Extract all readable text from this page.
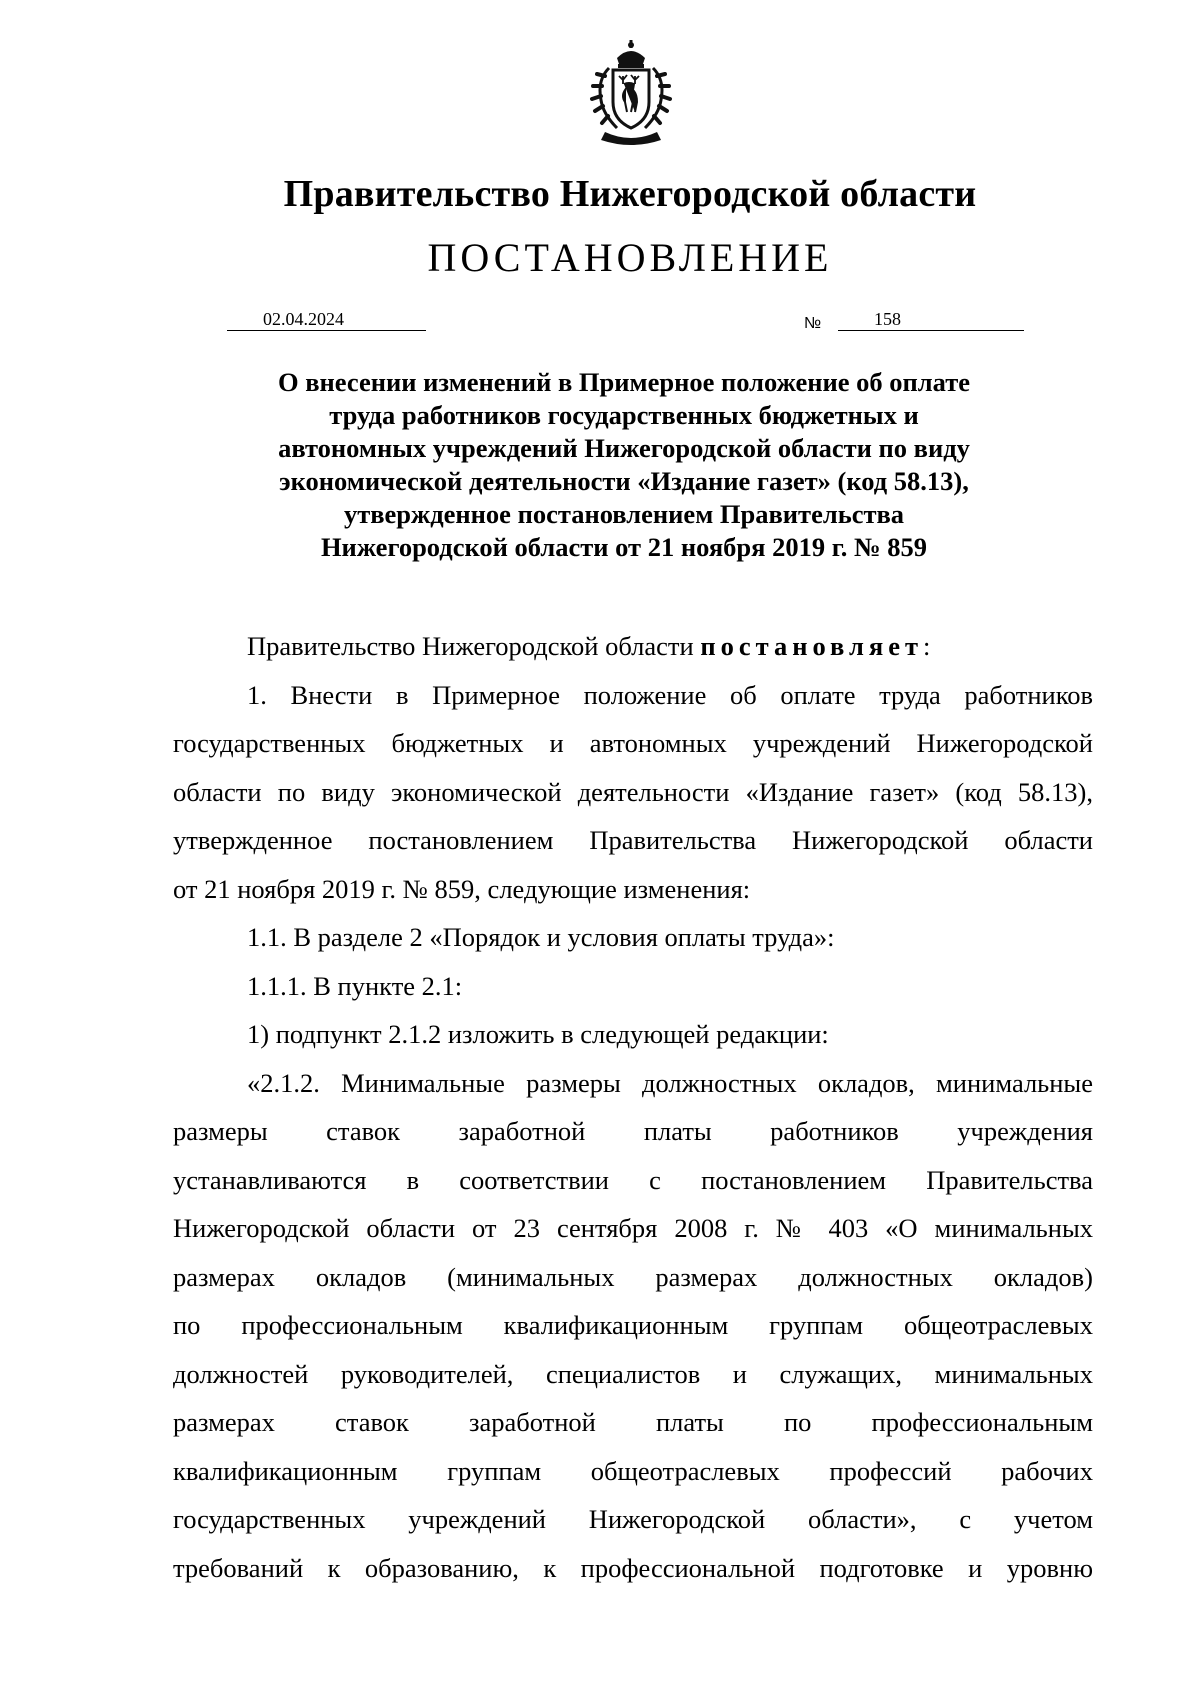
Правительство Нижегородской области
ПОСТАНОВЛЕНИЕ
02.04.2024	№	158
О внесении изменений в Примерное положение об оплате
труда работников государственных бюджетных и
автономных учреждений Нижегородской области по виду
экономической деятельности «Издание газет» (код 58.13),
утвержденное постановлением Правительства
Нижегородской области от 21 ноября 2019 г. № 859
Правительство Нижегородской области постановляет:
1. Внести в Примерное положение об оплате труда работников
государственных бюджетных и автономных учреждений Нижегородской
области по виду экономической деятельности «Издание газет» (код 58.13),
утвержденное постановлением Правительства Нижегородской области
от 21 ноября 2019 г. № 859, следующие изменения:
1.1. В разделе 2 «Порядок и условия оплаты труда»:
1.1.1. В пункте 2.1:
1) подпункт 2.1.2 изложить в следующей редакции:
«2.1.2. Минимальные размеры должностных окладов, минимальные
размеры ставок заработной платы работников учреждения
устанавливаются в соответствии с постановлением Правительства
Нижегородской области от 23 сентября 2008 г. № 403 «О минимальных
размерах окладов (минимальных размерах должностных окладов)
по профессиональным квалификационным группам общеотраслевых
должностей руководителей, специалистов и служащих, минимальных
размерах ставок заработной платы по профессиональным
квалификационным группам общеотраслевых профессий рабочих
государственных учреждений Нижегородской области», с учетом
требований к образованию, к профессиональной подготовке и уровню
